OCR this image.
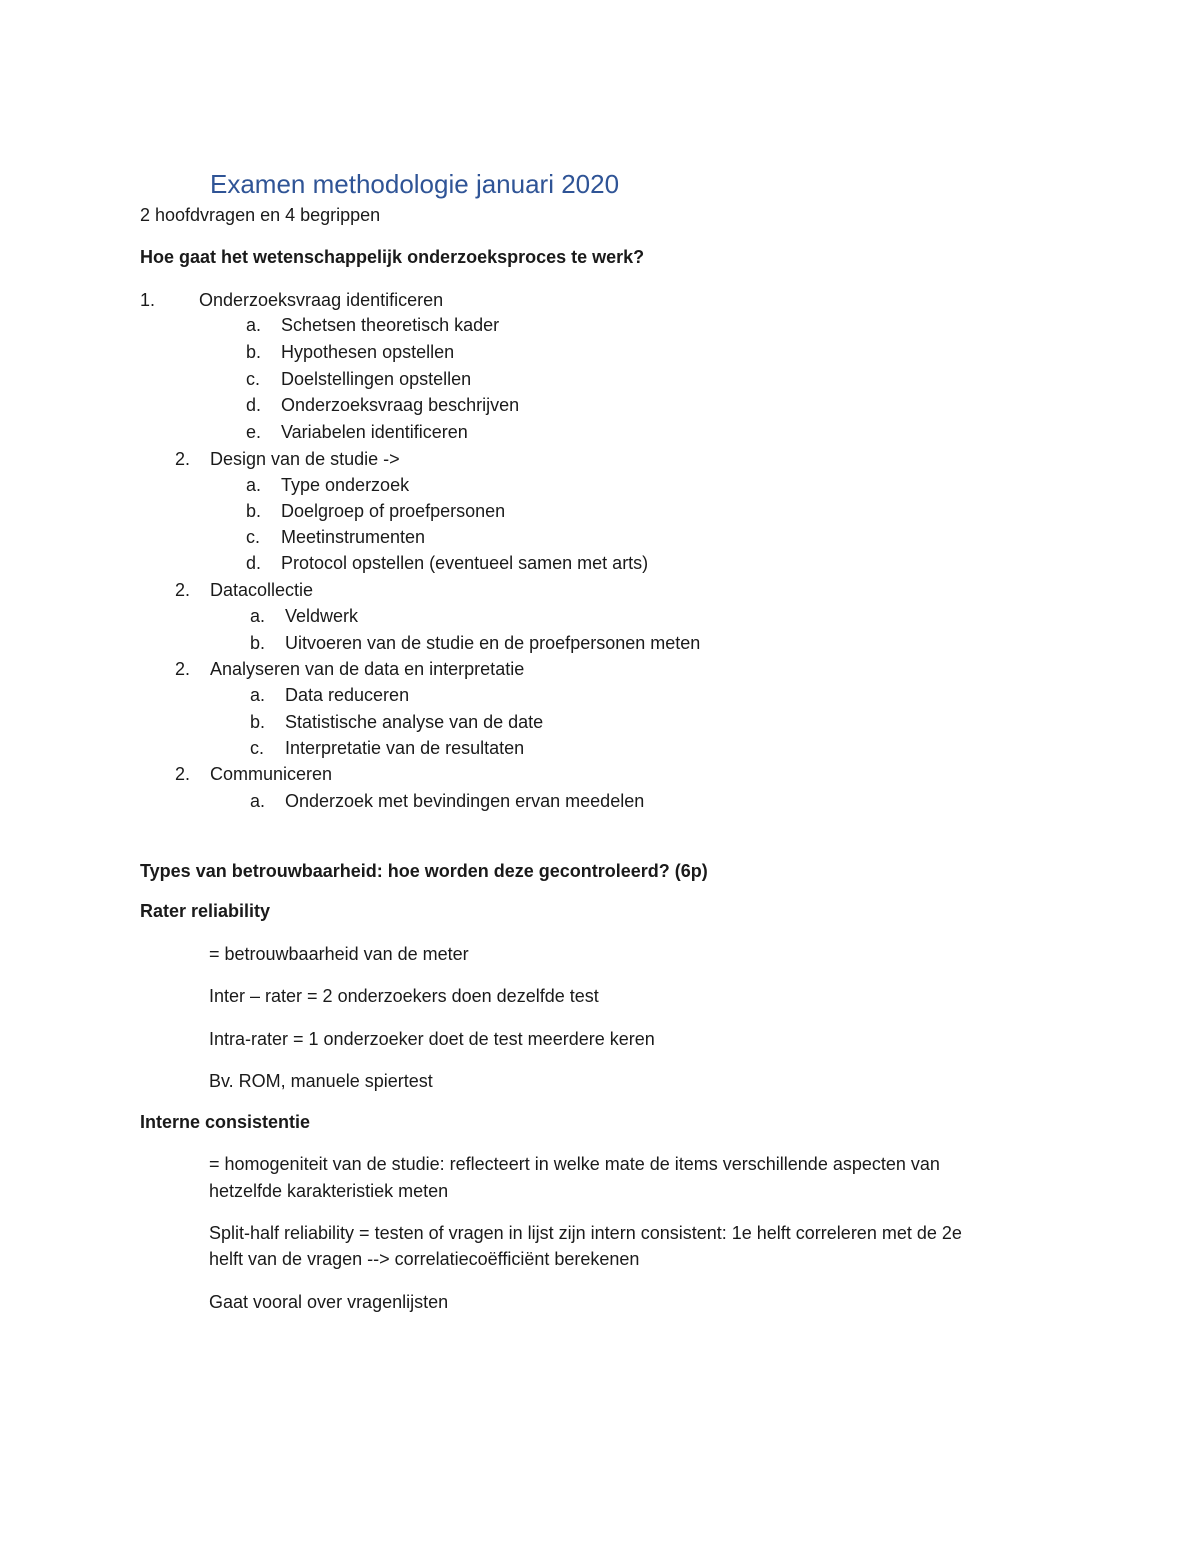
Examen methodologie januari 2020
2 hoofdvragen en 4 begrippen
Hoe gaat het wetenschappelijk onderzoeksproces te werk?
1.	Onderzoeksvraag identificeren
a. Schetsen theoretisch kader
b. Hypothesen opstellen
c. Doelstellingen opstellen
d. Onderzoeksvraag beschrijven
e. Variabelen identificeren
2. Design van de studie ->
a. Type onderzoek
b. Doelgroep of proefpersonen
c. Meetinstrumenten
d. Protocol opstellen (eventueel samen met arts)
2. Datacollectie
a. Veldwerk
b. Uitvoeren van de studie en de proefpersonen meten
2. Analyseren van de data en interpretatie
a. Data reduceren
b. Statistische analyse van de date
c. Interpretatie van de resultaten
2. Communiceren
a. Onderzoek met bevindingen ervan meedelen
Types van betrouwbaarheid: hoe worden deze gecontroleerd? (6p)
Rater reliability
= betrouwbaarheid van de meter
Inter – rater = 2 onderzoekers doen dezelfde test
Intra-rater = 1 onderzoeker doet de test meerdere keren
Bv. ROM, manuele spiertest
Interne consistentie
= homogeniteit van de studie: reflecteert in welke mate de items verschillende aspecten van
hetzelfde karakteristiek meten
Split-half reliability = testen of vragen in lijst zijn intern consistent: 1e helft correleren met de 2e
helft van de vragen --> correlatiecoëfficiënt berekenen
Gaat vooral over vragenlijsten
